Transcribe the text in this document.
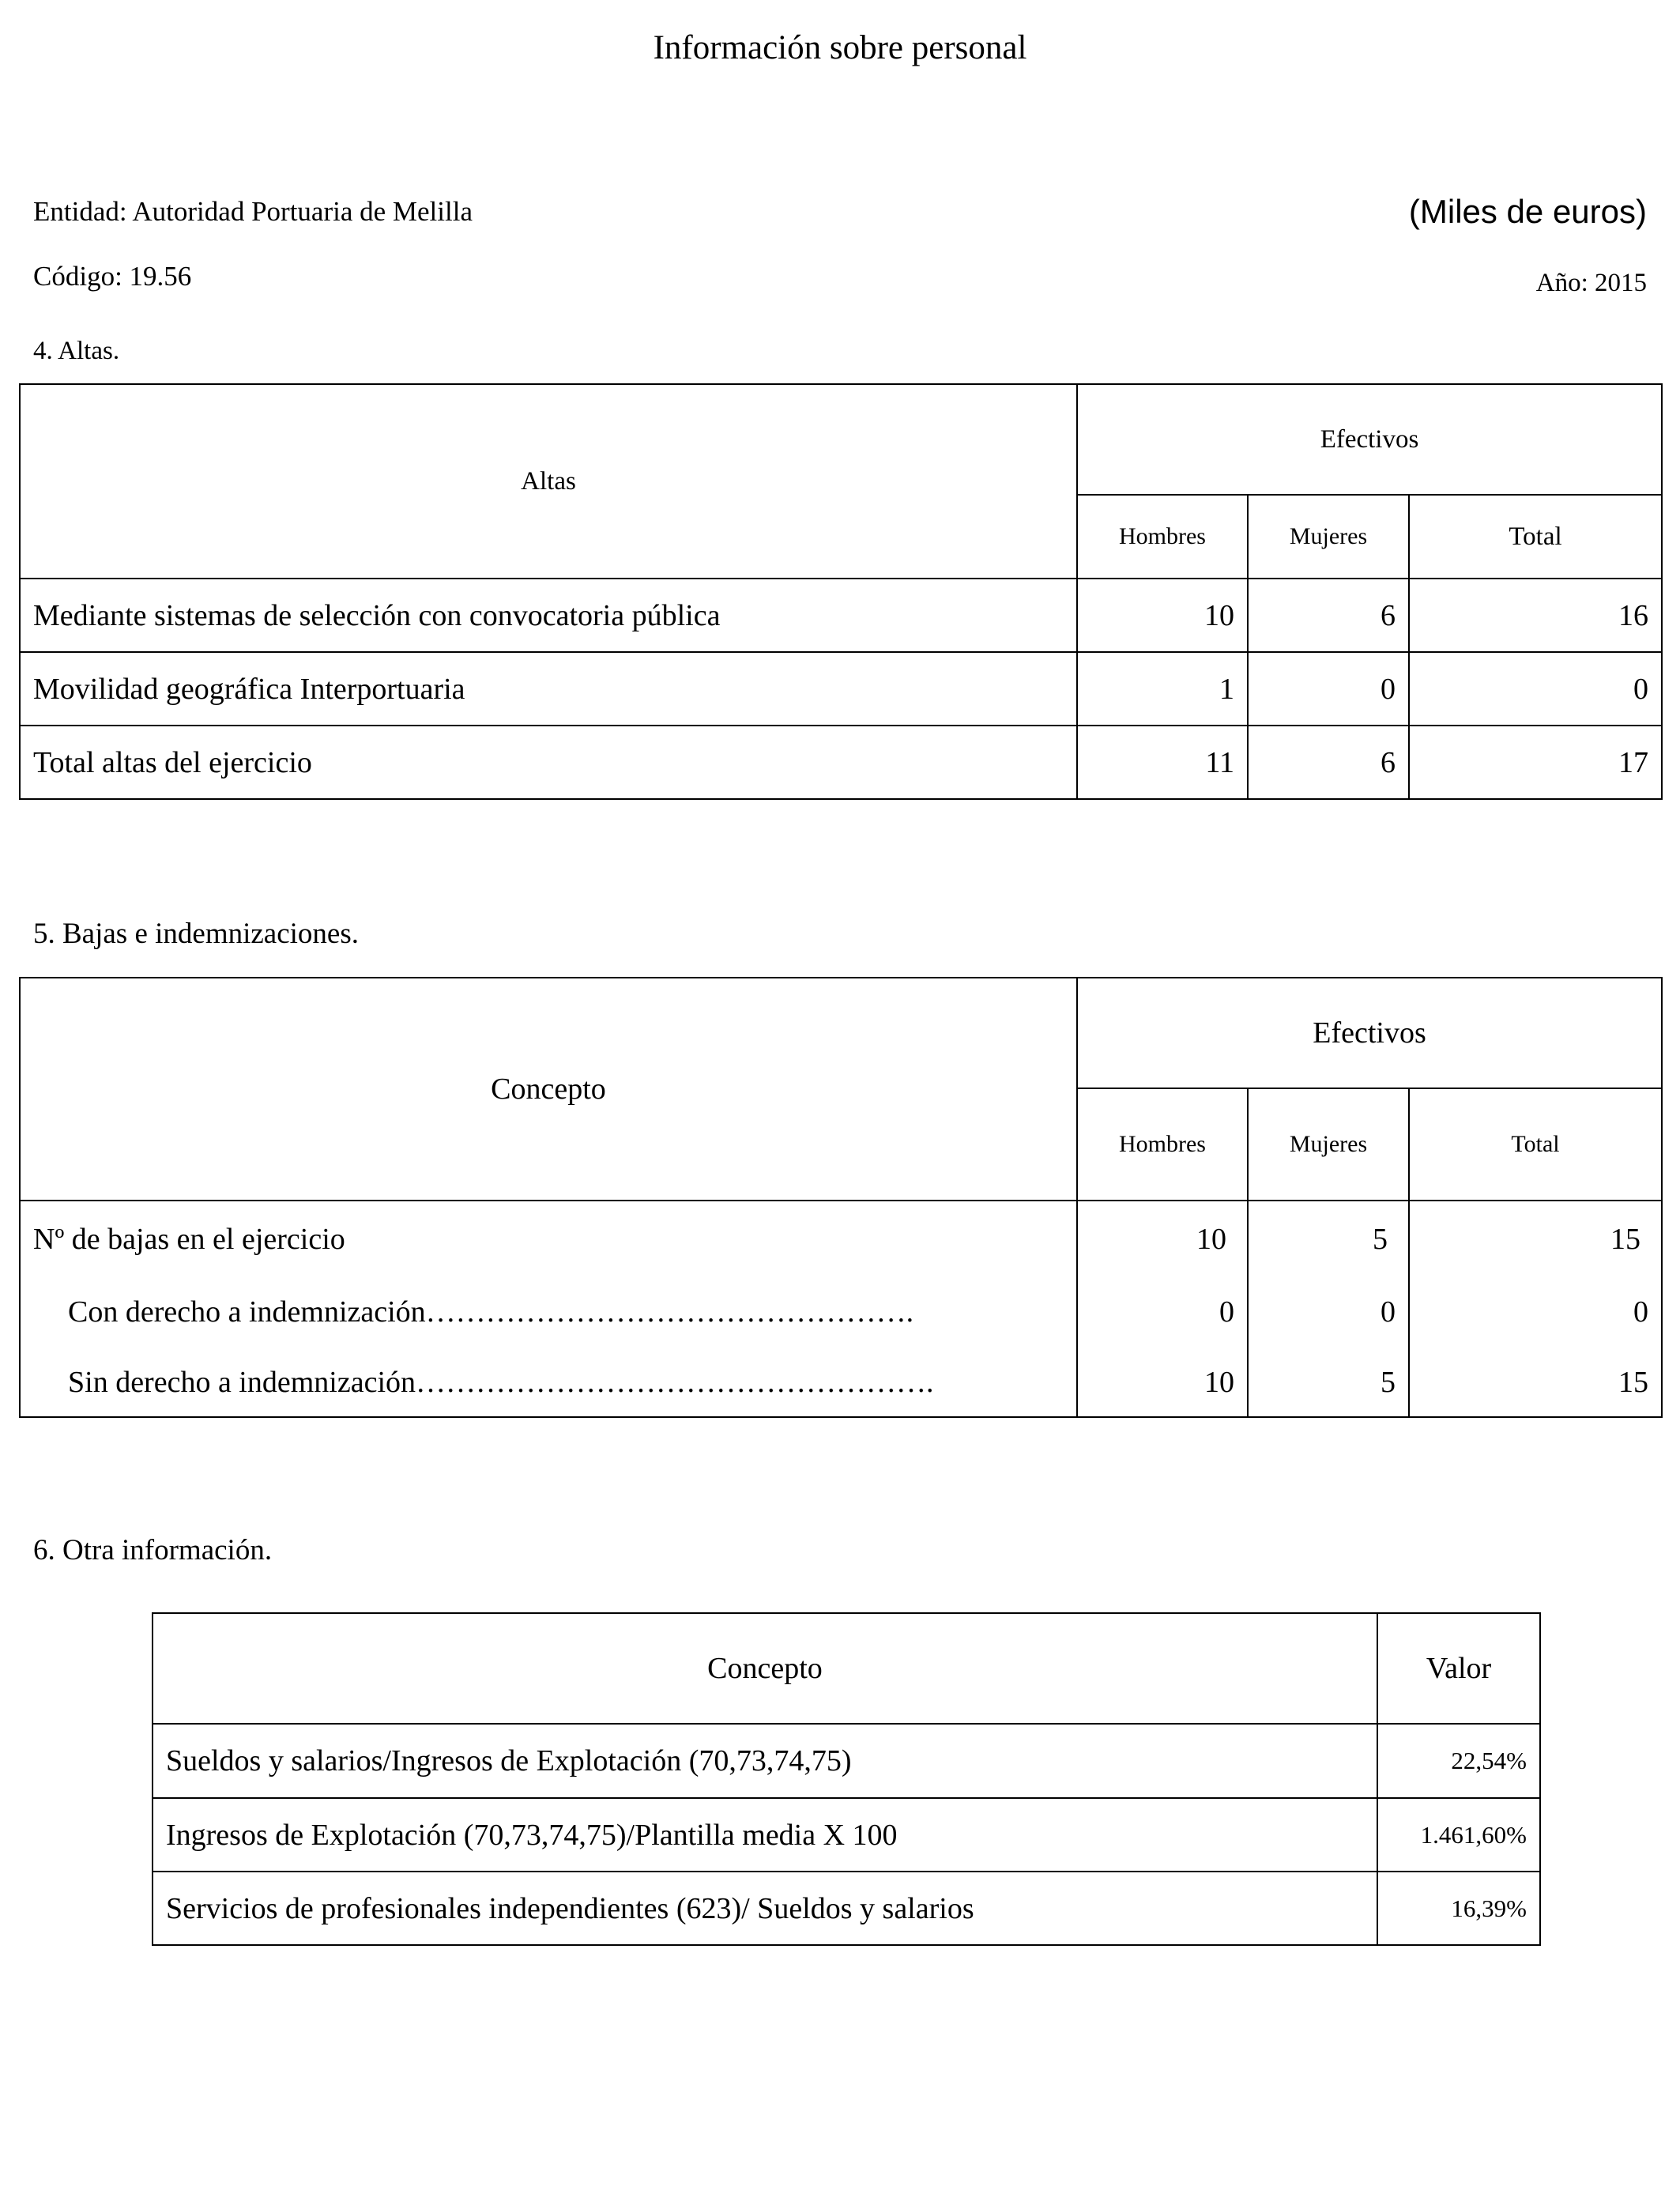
Información sobre personal
Entidad: Autoridad Portuaria de Melilla
Código: 19.56
(Miles de euros)
Año: 2015
4. Altas.
Altas	Efectivos		
	Hombres	Mujeres	Total
Mediante sistemas de selección con convocatoria pública	10	6	16
Movilidad geográfica Interportuaria	1	0	0
Total altas del ejercicio	11	6	17
5. Bajas e indemnizaciones.
Concepto	Efectivos		
	Hombres	Mujeres	Total
Nº de bajas en el ejercicio	10	5	15
Con derecho a indemnización………………………………………….	0	0	0
Sin derecho a indemnización…………………………………………….	10	5	15
6. Otra información.
Concepto	Valor
Sueldos y salarios/Ingresos de Explotación (70,73,74,75)	22,54%
Ingresos de Explotación (70,73,74,75)/Plantilla media X 100	1.461,60%
Servicios de profesionales independientes (623)/ Sueldos y salarios	16,39%
